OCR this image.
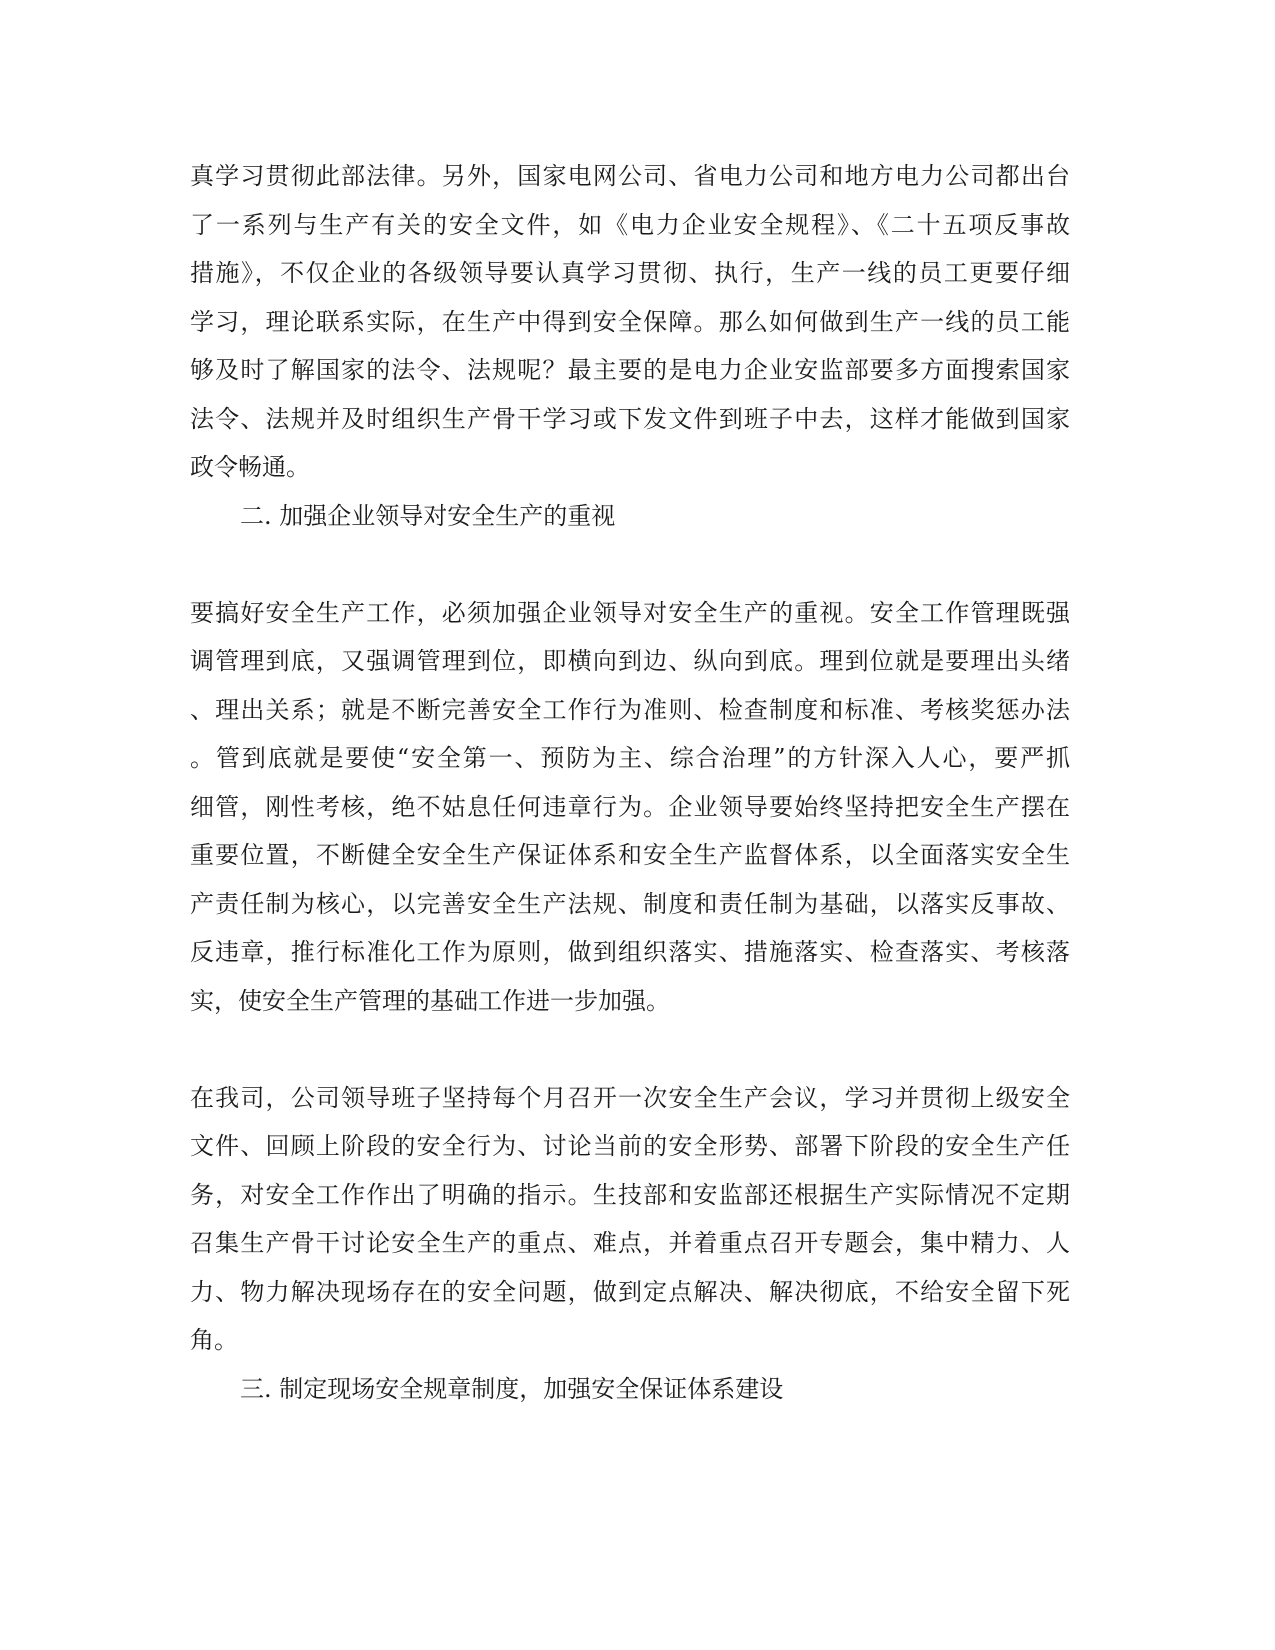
真学习贯彻此部法律。另外，国家电网公司、省电力公司和地方电力公司都出台
了一系列与生产有关的安全文件，如《电力企业安全规程》、《二十五项反事故
措施》，不仅企业的各级领导要认真学习贯彻、执行，生产一线的员工更要仔细
学习，理论联系实际，在生产中得到安全保障。那么如何做到生产一线的员工能
够及时了解国家的法令、法规呢？最主要的是电力企业安监部要多方面搜索国家
法令、法规并及时组织生产骨干学习或下发文件到班子中去，这样才能做到国家
政令畅通。
二. 加强企业领导对安全生产的重视
要搞好安全生产工作，必须加强企业领导对安全生产的重视。安全工作管理既强
调管理到底，又强调管理到位，即横向到边、纵向到底。理到位就是要理出头绪
、理出关系；就是不断完善安全工作行为准则、检查制度和标准、考核奖惩办法
。管到底就是要使“安全第一、预防为主、综合治理”的方针深入人心，要严抓
细管，刚性考核，绝不姑息任何违章行为。企业领导要始终坚持把安全生产摆在
重要位置，不断健全安全生产保证体系和安全生产监督体系，以全面落实安全生
产责任制为核心，以完善安全生产法规、制度和责任制为基础，以落实反事故、
反违章，推行标准化工作为原则，做到组织落实、措施落实、检查落实、考核落
实，使安全生产管理的基础工作进一步加强。
在我司，公司领导班子坚持每个月召开一次安全生产会议，学习并贯彻上级安全
文件、回顾上阶段的安全行为、讨论当前的安全形势、部署下阶段的安全生产任
务，对安全工作作出了明确的指示。生技部和安监部还根据生产实际情况不定期
召集生产骨干讨论安全生产的重点、难点，并着重点召开专题会，集中精力、人
力、物力解决现场存在的安全问题，做到定点解决、解决彻底，不给安全留下死
角。
三. 制定现场安全规章制度，加强安全保证体系建设
